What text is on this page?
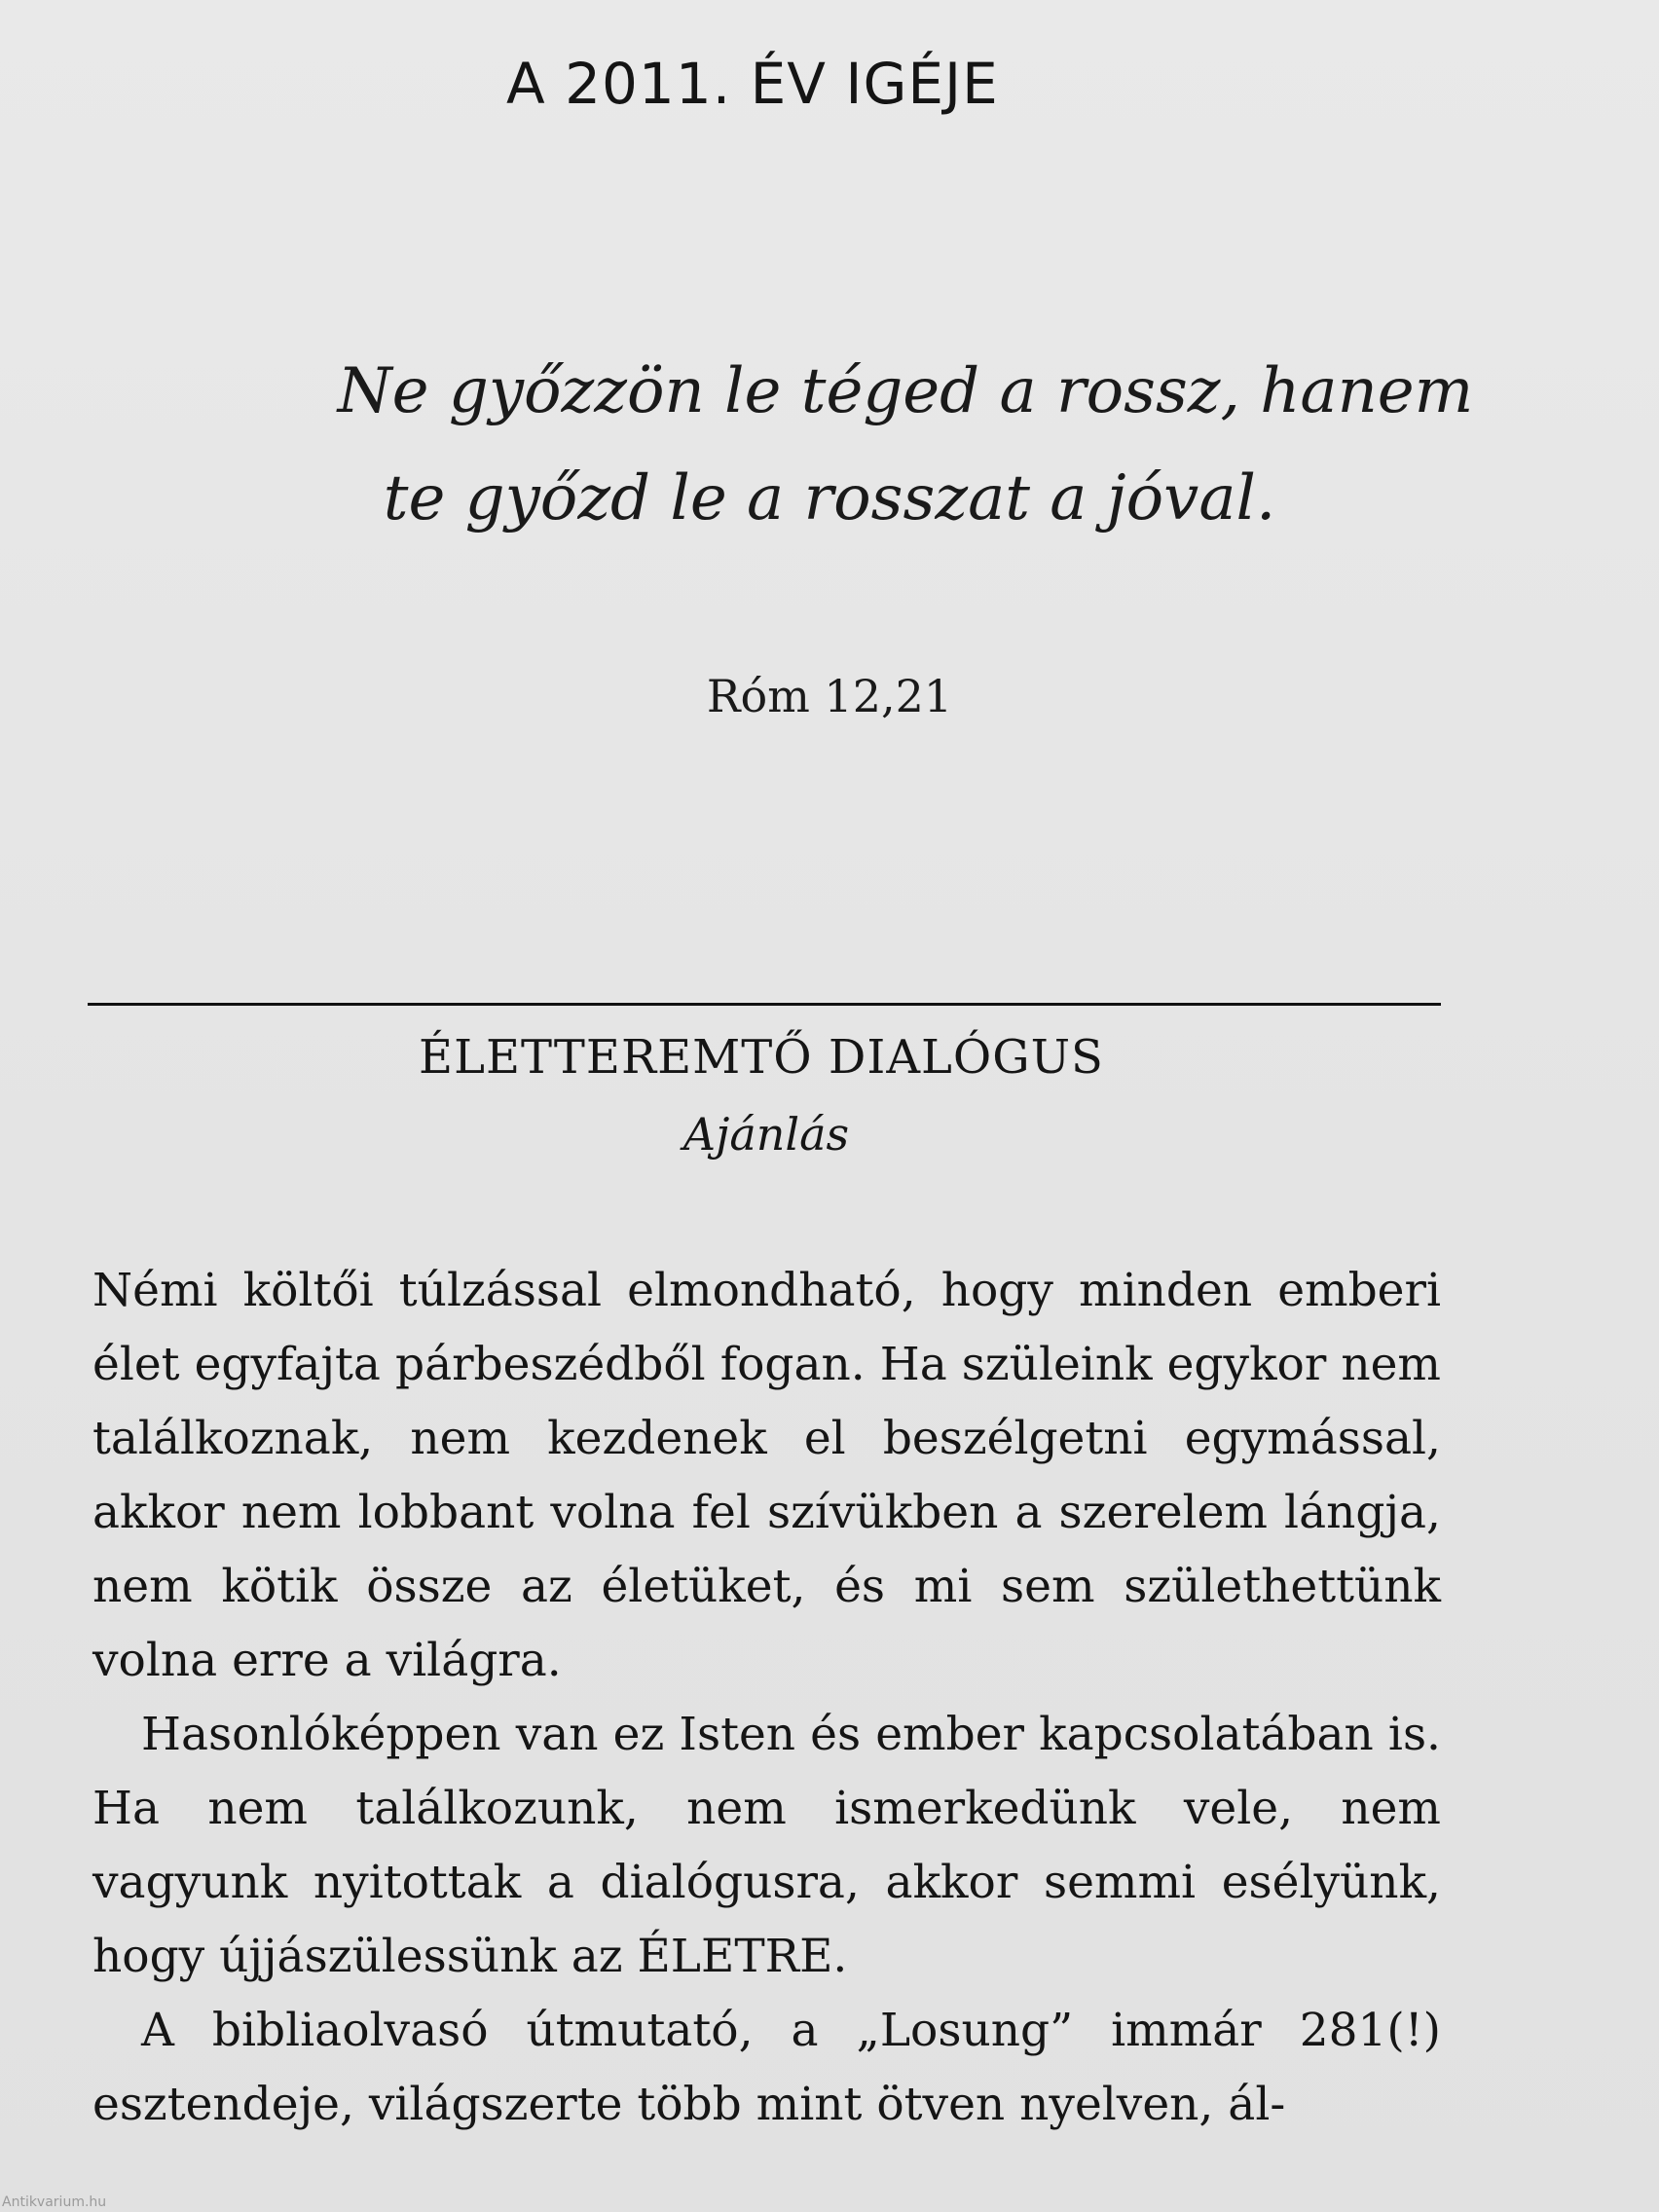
A 2011. ÉV IGÉJE
Ne győzzön le téged a rossz, hanem
te győzd le a rosszat a jóval.
Róm 12,21
ÉLETTEREMTŐ DIALÓGUS
Ajánlás

Némi költői túlzással elmondható, hogy minden emberi élet egyfajta párbeszédből fogan. Ha szüleink egykor nem találkoznak, nem kezdenek el beszélgetni egymással, akkor nem lobbant volna fel szívükben a szerelem lángja, nem kötik össze az életüket, és mi sem születhettünk volna erre a világra.

Hasonlóképpen van ez Isten és ember kapcsolatában is. Ha nem találkozunk, nem ismerkedünk vele, nem vagyunk nyitottak a dialógusra, akkor semmi esélyünk, hogy újjászülessünk az ÉLETRE.

A bibliaolvasó útmutató, a „Losung” immár 281(!) esztendeje, világszerte több mint ötven nyelven, ál-

Antikvarium.hu
